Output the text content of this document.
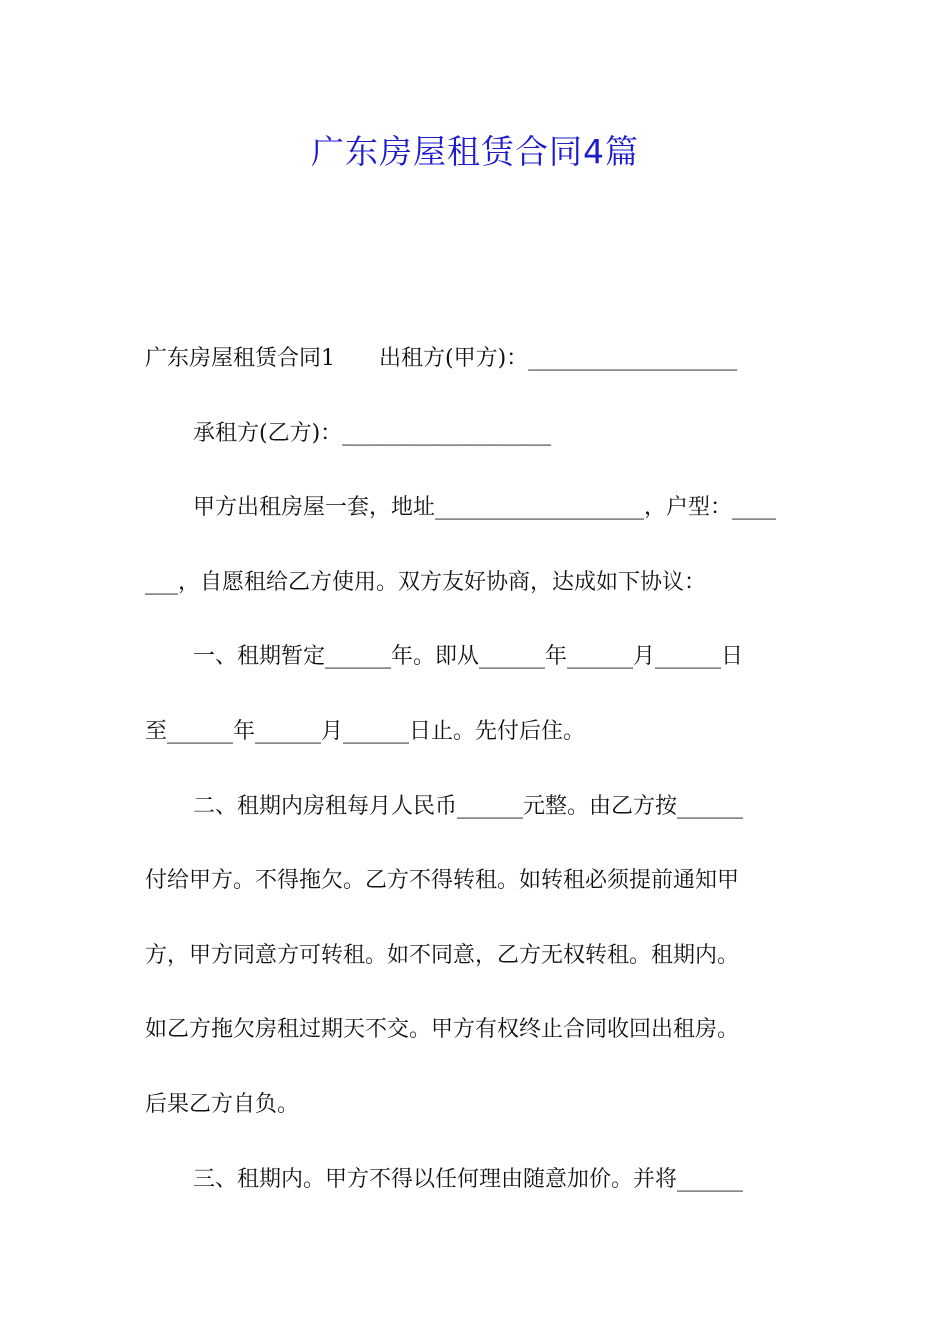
广东房屋租赁合同4篇

广东房屋租赁合同1　　出租方(甲方)：___________________

承租方(乙方)：___________________

甲方出租房屋一套，地址___________________，户型：____

___，自愿租给乙方使用。双方友好协商，达成如下协议：

一、租期暂定______年。即从______年______月______日

至______年______月______日止。先付后住。

二、租期内房租每月人民币______元整。由乙方按______

付给甲方。不得拖欠。乙方不得转租。如转租必须提前通知甲

方，甲方同意方可转租。如不同意，乙方无权转租。租期内。

如乙方拖欠房租过期天不交。甲方有权终止合同收回出租房。

后果乙方自负。

三、租期内。甲方不得以任何理由随意加价。并将______
